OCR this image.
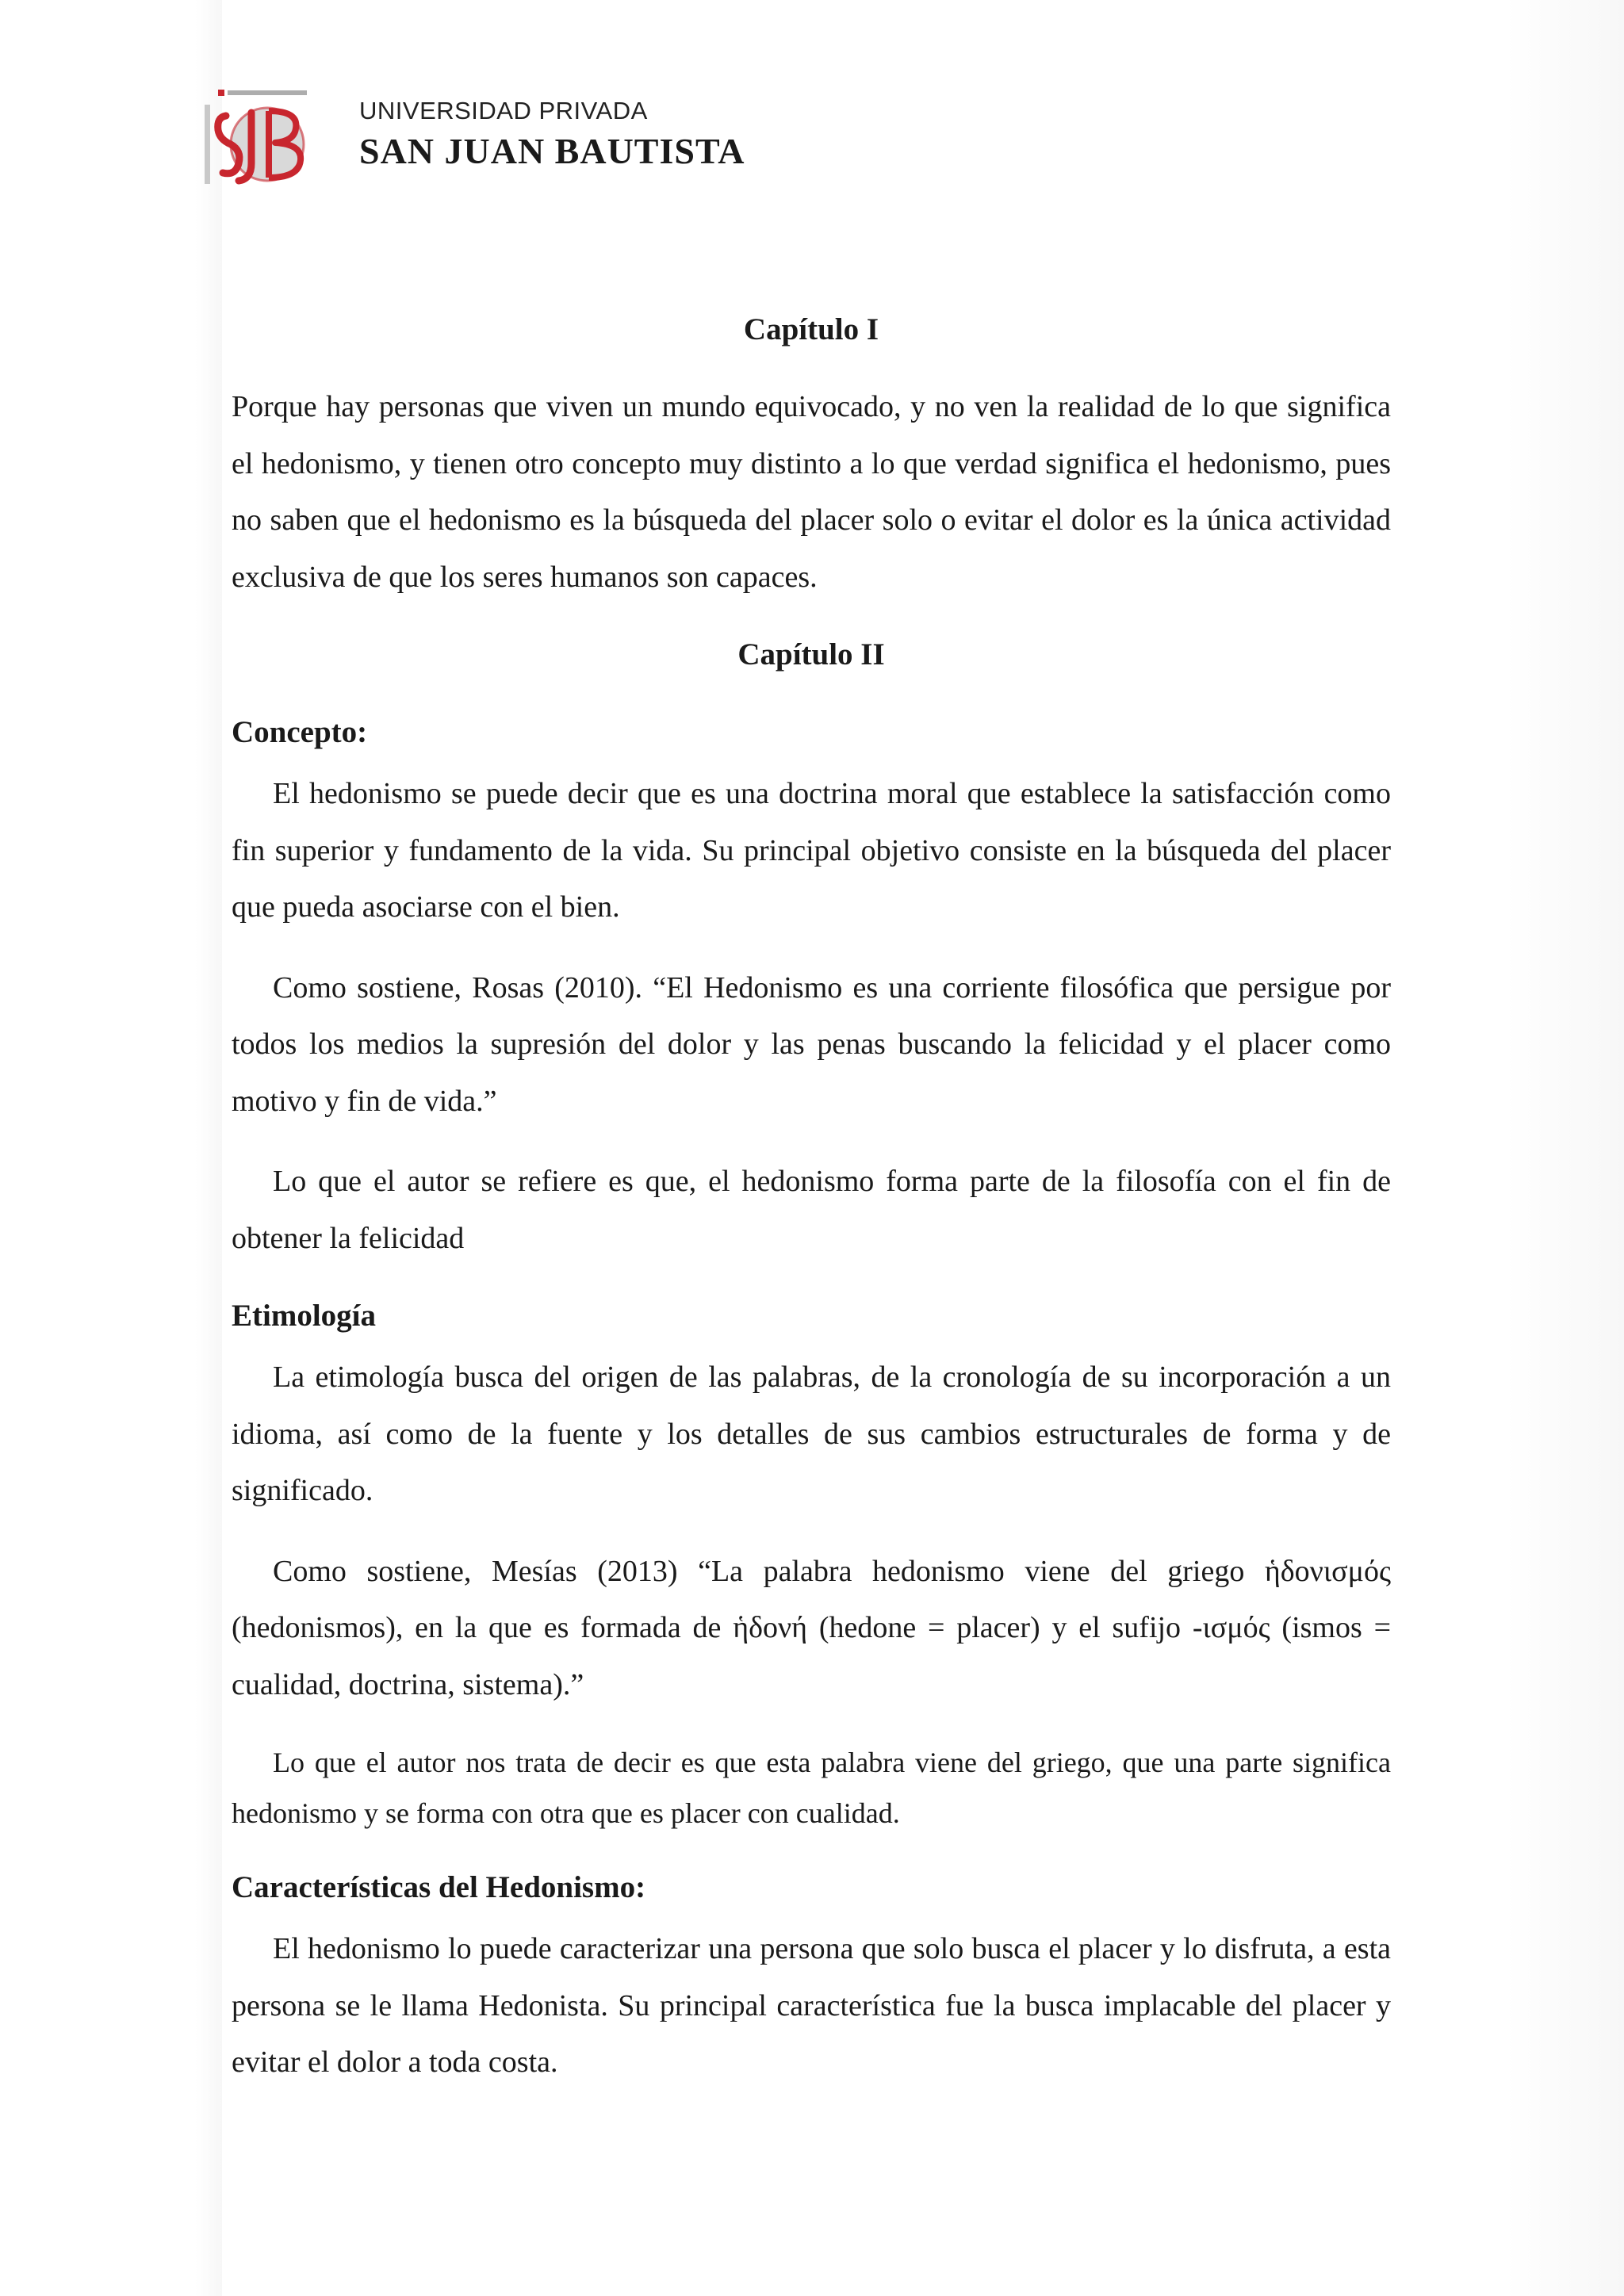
UNIVERSIDAD PRIVADA
SAN JUAN BAUTISTA
Capítulo I

Porque hay personas que viven un mundo equivocado, y no ven la realidad de lo que significa el hedonismo, y tienen otro concepto muy distinto a lo que verdad significa el hedonismo, pues no saben que el hedonismo es la búsqueda del placer solo o evitar el dolor es la única actividad exclusiva de que los seres humanos son capaces.

Capítulo II
Concepto:

El hedonismo se puede decir que es una doctrina moral que establece la satisfacción como fin superior y fundamento de la vida. Su principal objetivo consiste en la búsqueda del placer que pueda asociarse con el bien.

Como sostiene, Rosas (2010). “El Hedonismo es una corriente filosófica que persigue por todos los medios la supresión del dolor y las penas buscando la felicidad y el placer como motivo y fin de vida.”

Lo que el autor se refiere es que, el hedonismo forma parte de la filosofía con el fin de obtener la felicidad

Etimología

La etimología busca del origen de las palabras, de la cronología de su incorporación a un idioma, así como de la fuente y los detalles de sus cambios estructurales de forma y de significado.

Como sostiene, Mesías (2013) “La palabra hedonismo viene del griego ἡδονισμός (hedonismos), en la que es formada de ἡδονή (hedone = placer) y el sufijo -ισμός (ismos = cualidad, doctrina, sistema).”

Lo que el autor nos trata de decir es que esta palabra viene del griego, que una parte significa hedonismo y se forma con otra que es placer con cualidad.

Características del Hedonismo:

El hedonismo lo puede caracterizar una persona que solo busca el placer y lo disfruta, a esta persona se le llama Hedonista. Su principal característica fue la busca implacable del placer y evitar el dolor a toda costa.
